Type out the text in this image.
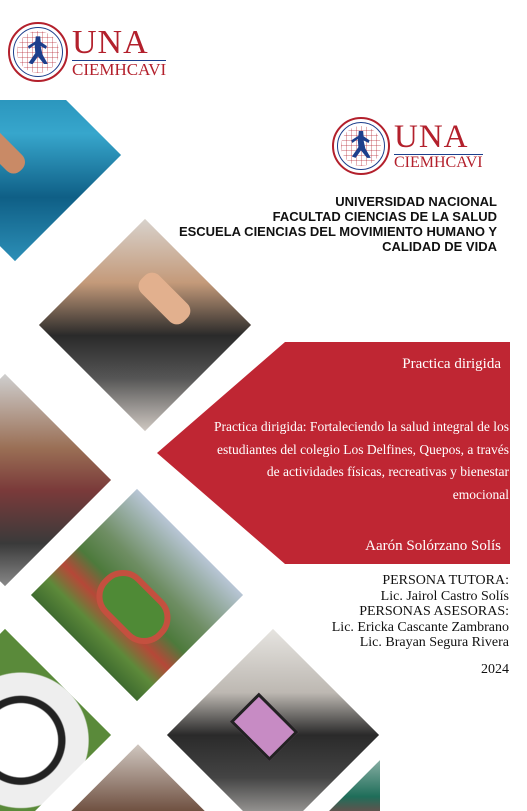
UNA
CIEMHCAVI
UNA
CIEMHCAVI
UNIVERSIDAD NACIONAL
FACULTAD CIENCIAS DE LA SALUD
ESCUELA CIENCIAS DEL MOVIMIENTO HUMANO Y
CALIDAD DE VIDA
Practica dirigida
Practica dirigida: Fortaleciendo la salud integral de los estudiantes del colegio Los Delfines, Quepos, a través de actividades físicas, recreativas y bienestar emocional
Aarón Solórzano Solís
PERSONA TUTORA:
Lic. Jairol Castro Solís
PERSONAS ASESORAS:
Lic. Ericka Cascante Zambrano
Lic. Brayan Segura Rivera
2024
